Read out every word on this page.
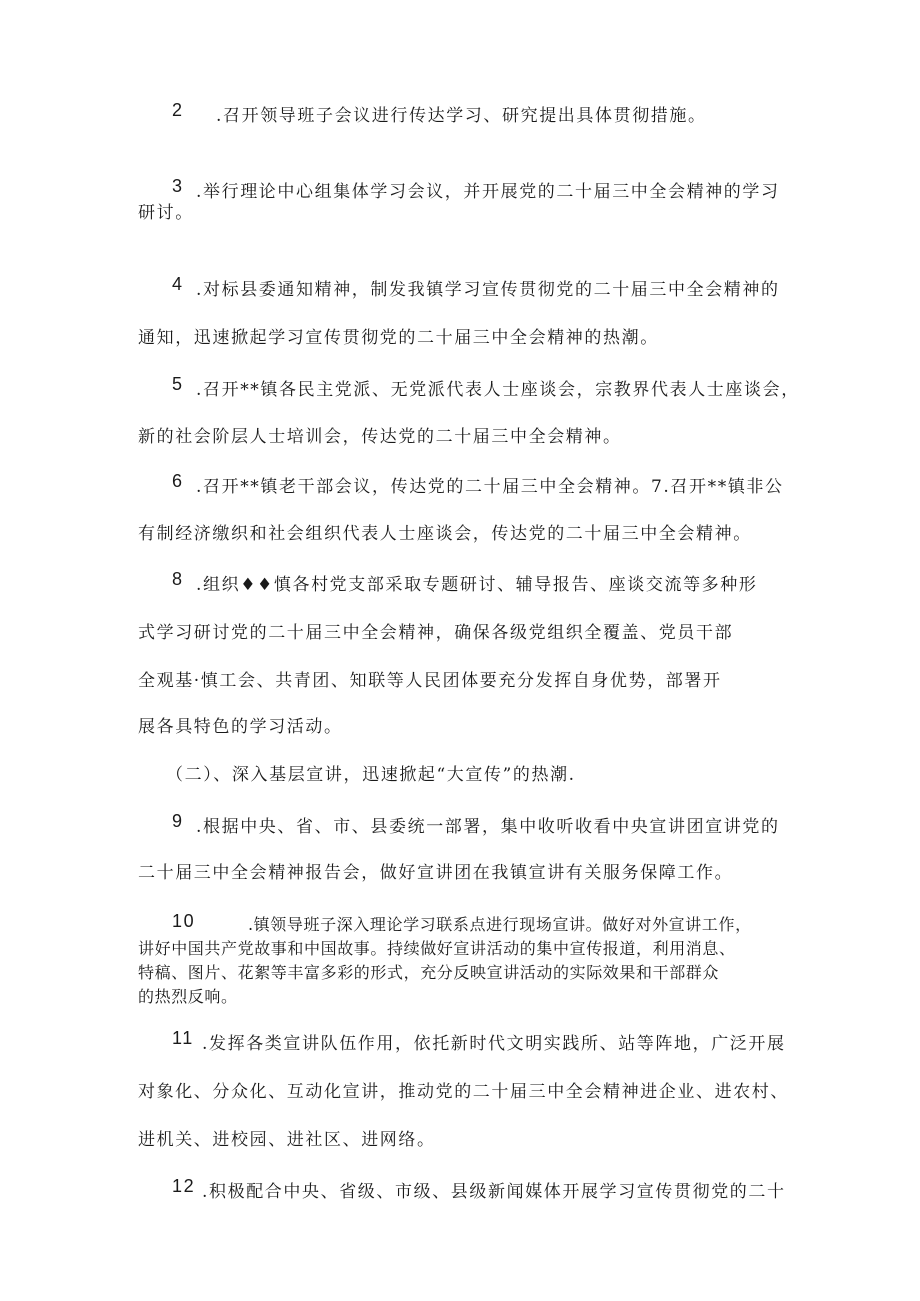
2 .召开领导班子会议进行传达学习、研究提出具体贯彻措施。
3 .举行理论中心组集体学习会议，并开展党的二十届三中全会精神的学习
研讨。
4 .对标县委通知精神，制发我镇学习宣传贯彻党的二十届三中全会精神的
通知，迅速掀起学习宣传贯彻党的二十届三中全会精神的热潮。
5 .召开**镇各民主党派、无党派代表人士座谈会，宗教界代表人士座谈会，
新的社会阶层人士培训会，传达党的二十届三中全会精神。
6 .召开**镇老干部会议，传达党的二十届三中全会精神。7.召开**镇非公
有制经济缴织和社会组织代表人士座谈会，传达党的二十届三中全会精神。
8 .组织♦♦慎各村党支部采取专题研讨、辅导报告、座谈交流等多种形
式学习研讨党的二十届三中全会精神，确保各级党组织全覆盖、党员干部
全观基·慎工会、共青团、知联等人民团体要充分发挥自身优势，部署开
展各具特色的学习活动。
（二）、深入基层宣讲，迅速掀起“大宣传”的热潮.
9 .根据中央、省、市、县委统一部署，集中收听收看中央宣讲团宣讲党的
二十届三中全会精神报告会，做好宣讲团在我镇宣讲有关服务保障工作。
10	.镇领导班子深入理论学习联系点进行现场宣讲。做好对外宣讲工作，
讲好中国共产党故事和中国故事。持续做好宣讲活动的集中宣传报道，利用消息、
特稿、图片、花絮等丰富多彩的形式，充分反映宣讲活动的实际效果和干部群众
的热烈反响。
11 .发挥各类宣讲队伍作用，依托新时代文明实践所、站等阵地，广泛开展
对象化、分众化、互动化宣讲，推动党的二十届三中全会精神进企业、进农村、
进机关、进校园、进社区、进网络。
12 .积极配合中央、省级、市级、县级新闻媒体开展学习宣传贯彻党的二十
